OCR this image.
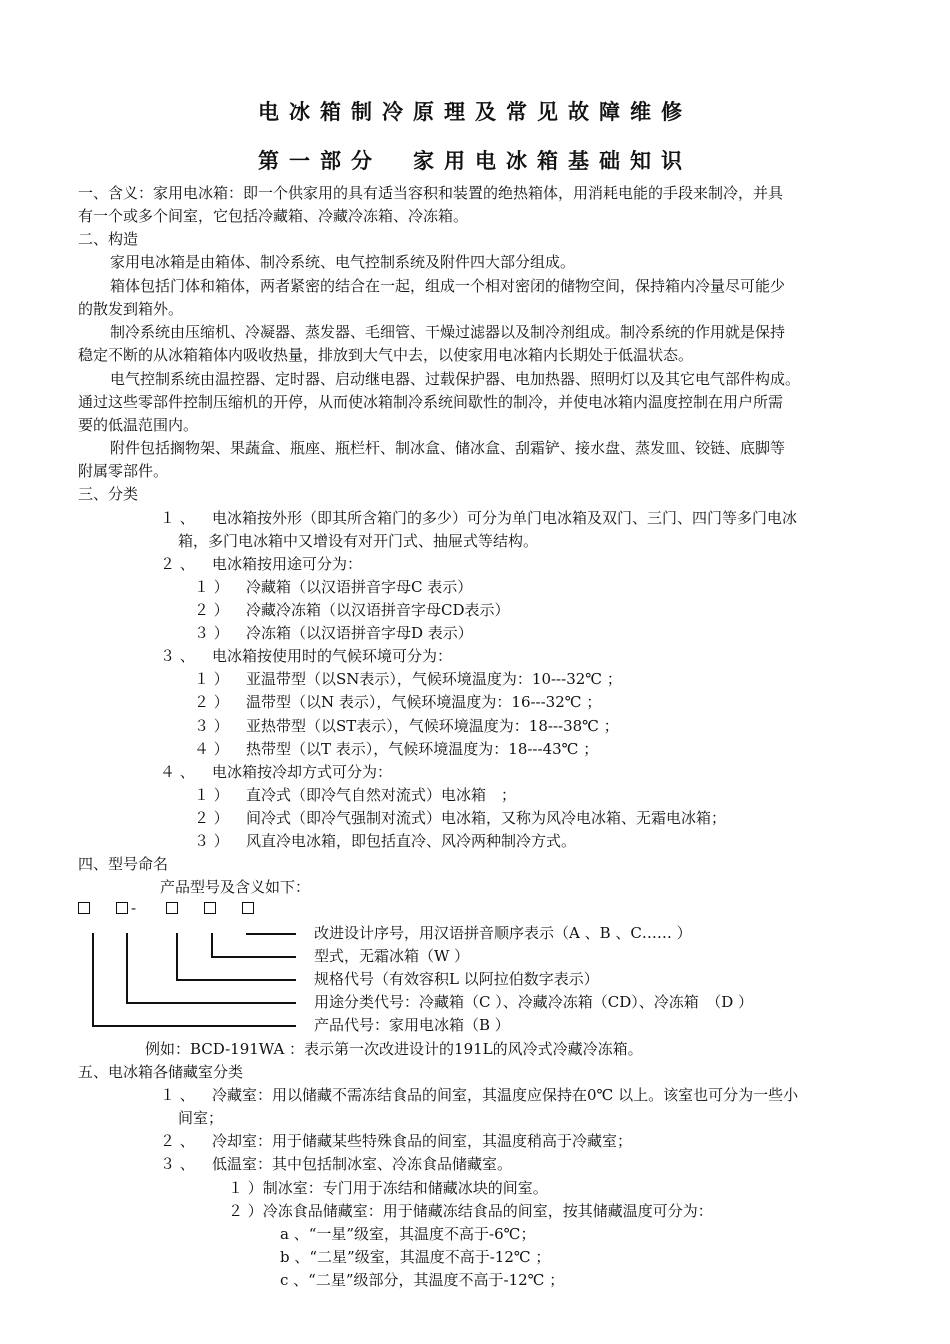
电冰箱制冷原理及常见故障维修
第一部分　家用电冰箱基础知识
一、含义：家用电冰箱：即一个供家用的具有适当容积和装置的绝热箱体，用消耗电能的手段来制冷，并具
有一个或多个间室，它包括冷藏箱、冷藏冷冻箱、冷冻箱。
二、构造
家用电冰箱是由箱体、制冷系统、电气控制系统及附件四大部分组成。
箱体包括门体和箱体，两者紧密的结合在一起，组成一个相对密闭的储物空间，保持箱内冷量尽可能少
的散发到箱外。
制冷系统由压缩机、冷凝器、蒸发器、毛细管、干燥过滤器以及制冷剂组成。制冷系统的作用就是保持
稳定不断的从冰箱箱体内吸收热量，排放到大气中去，以使家用电冰箱内长期处于低温状态。
电气控制系统由温控器、定时器、启动继电器、过载保护器、电加热器、照明灯以及其它电气部件构成。
通过这些零部件控制压缩机的开停，从而使冰箱制冷系统间歇性的制冷，并使电冰箱内温度控制在用户所需
要的低温范围内。
附件包括搁物架、果蔬盒、瓶座、瓶栏杆、制冰盒、储冰盒、刮霜铲、接水盘、蒸发皿、铰链、底脚等
附属零部件。
三、分类
１ 、 电冰箱按外形（即其所含箱门的多少）可分为单门电冰箱及双门、三门、四门等多门电冰
箱，多门电冰箱中又增设有对开门式、抽屉式等结构。
２ 、 电冰箱按用途可分为：
１ ） 冷藏箱（以汉语拼音字母C 表示）
２ ） 冷藏冷冻箱（以汉语拼音字母CD表示）
３ ） 冷冻箱（以汉语拼音字母D 表示）
３ 、 电冰箱按使用时的气候环境可分为：
１ ） 亚温带型（以SN表示），气候环境温度为：10---32℃ ；
２ ） 温带型（以N 表示），气候环境温度为：16---32℃ ；
３ ） 亚热带型（以ST表示），气候环境温度为：18---38℃ ；
４ ） 热带型（以T 表示），气候环境温度为：18---43℃ ；
４ 、 电冰箱按冷却方式可分为：
１ ） 直冷式（即冷气自然对流式）电冰箱　；
２ ） 间冷式（即冷气强制对流式）电冰箱，又称为风冷电冰箱、无霜电冰箱；
３ ） 风直冷电冰箱，即包括直冷、风冷两种制冷方式。
四、型号命名
产品型号及含义如下：
-
改进设计序号，用汉语拼音顺序表示（A 、B 、C…… ）
型式，无霜冰箱（W ）
规格代号（有效容积L 以阿拉伯数字表示）
用途分类代号：冷藏箱（C ）、冷藏冷冻箱（CD）、冷冻箱　（D ）
产品代号：家用电冰箱（B ）
例如：BCD-191WA ：表示第一次改进设计的191L的风冷式冷藏冷冻箱。
五、电冰箱各储藏室分类
１ 、 冷藏室：用以储藏不需冻结食品的间室，其温度应保持在0℃ 以上。该室也可分为一些小
间室；
２ 、 冷却室：用于储藏某些特殊食品的间室，其温度稍高于冷藏室；
３ 、 低温室：其中包括制冰室、冷冻食品储藏室。
１ ）制冰室：专门用于冻结和储藏冰块的间室。
２ ）冷冻食品储藏室：用于储藏冻结食品的间室，按其储藏温度可分为：
a 、“一星”级室，其温度不高于-6℃；
b 、“二星”级室，其温度不高于-12℃ ；
c 、“二星”级部分，其温度不高于-12℃ ；
